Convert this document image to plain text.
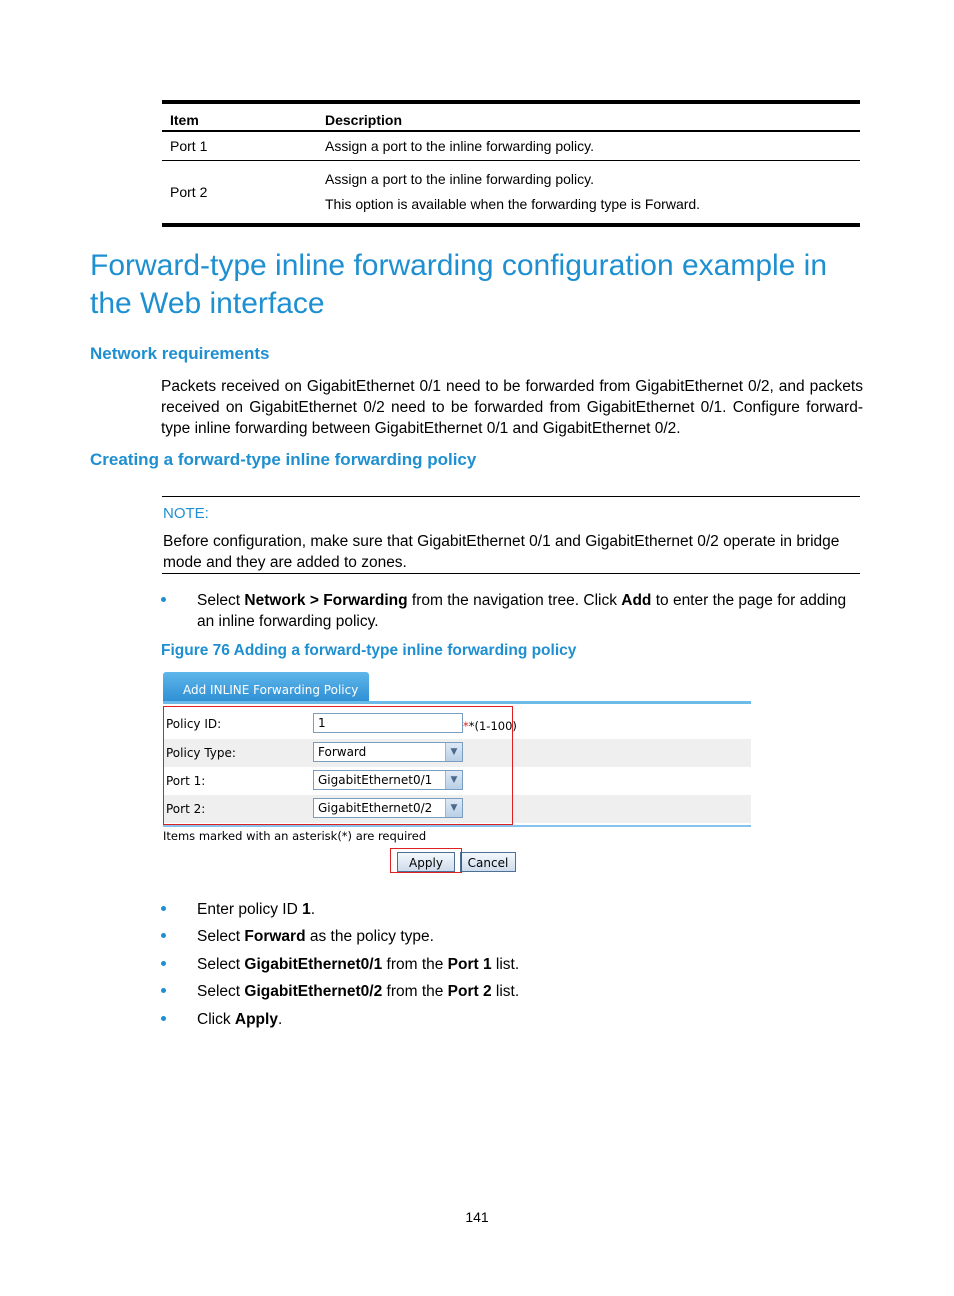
Item	Description
Port 1	Assign a port to the inline forwarding policy.
Port 2	Assign a port to the inline forwarding policy.
This option is available when the forwarding type is Forward.
Forward-type inline forwarding configuration example in the Web interface
Network requirements

Packets received on GigabitEthernet 0/1 need to be forwarded from GigabitEthernet 0/2, and packets received on GigabitEthernet 0/2 need to be forwarded from GigabitEthernet 0/1. Configure forward-type inline forwarding between GigabitEthernet 0/1 and GigabitEthernet 0/2.

Creating a forward-type inline forwarding policy
NOTE:
Before configuration, make sure that GigabitEthernet 0/1 and GigabitEthernet 0/2 operate in bridge mode and they are added to zones.
Select Network > Forwarding from the navigation tree. Click Add to enter the page for adding an inline forwarding policy.
Figure 76 Adding a forward-type inline forwarding policy
Add INLINE Forwarding Policy
Policy ID:	1	**(1-100)
Policy Type:	Forward	▼
Port 1:	GigabitEthernet0/1	▼
Port 2:	GigabitEthernet0/2	▼
Items marked with an asterisk(*) are required
Apply	Cancel
Enter policy ID 1.
Select Forward as the policy type.
Select GigabitEthernet0/1 from the Port 1 list.
Select GigabitEthernet0/2 from the Port 2 list.
Click Apply.
141
